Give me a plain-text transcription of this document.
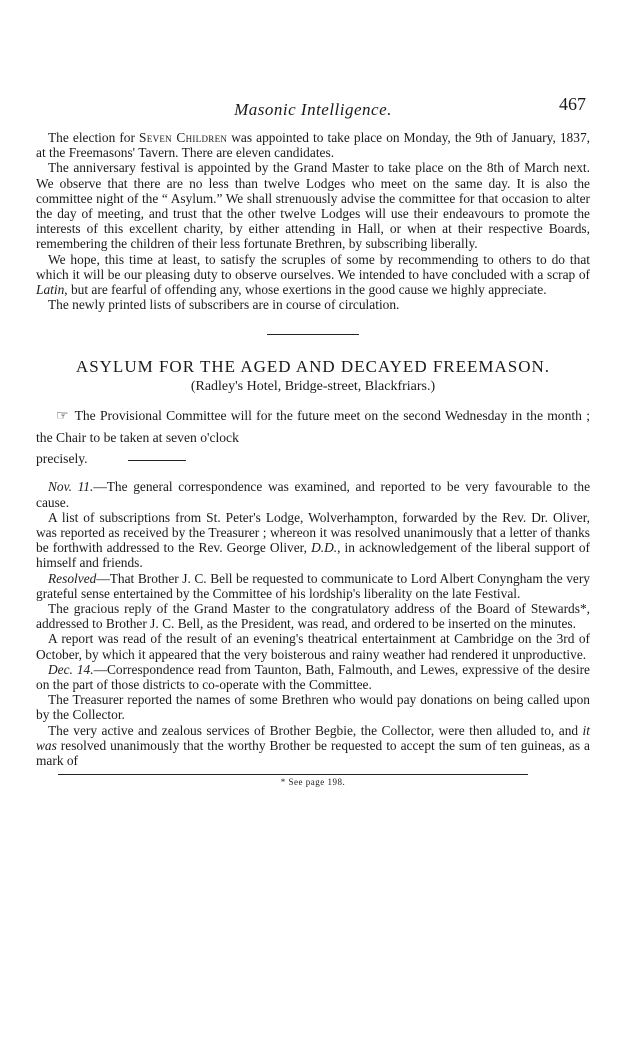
Masonic Intelligence.	467

The election for Seven Children was appointed to take place on Monday, the 9th of January, 1837, at the Freemasons' Tavern. There are eleven candidates.

The anniversary festival is appointed by the Grand Master to take place on the 8th of March next. We observe that there are no less than twelve Lodges who meet on the same day. It is also the committee night of the “ Asylum.” We shall strenuously advise the committee for that occasion to alter the day of meeting, and trust that the other twelve Lodges will use their endeavours to promote the interests of this excellent charity, by either attending in Hall, or when at their respective Boards, remembering the children of their less fortunate Brethren, by subscribing liberally.

We hope, this time at least, to satisfy the scruples of some by recommending to others to do that which it will be our pleasing duty to observe ourselves. We intended to have concluded with a scrap of Latin, but are fearful of offending any, whose exertions in the good cause we highly appreciate.

The newly printed lists of subscribers are in course of circulation.

ASYLUM FOR THE AGED AND DECAYED FREEMASON.
(Radley's Hotel, Bridge-street, Blackfriars.)

☞ The Provisional Committee will for the future meet on the second Wednesday in the month ; the Chair to be taken at seven o'clock

precisely.

Nov. 11.—The general correspondence was examined, and reported to be very favourable to the cause.

A list of subscriptions from St. Peter's Lodge, Wolverhampton, forwarded by the Rev. Dr. Oliver, was reported as received by the Treasurer ; whereon it was resolved unanimously that a letter of thanks be forthwith addressed to the Rev. George Oliver, D.D., in acknowledgement of the liberal support of himself and friends.

Resolved—That Brother J. C. Bell be requested to communicate to Lord Albert Conyngham the very grateful sense entertained by the Committee of his lordship's liberality on the late Festival.

The gracious reply of the Grand Master to the congratulatory address of the Board of Stewards*, addressed to Brother J. C. Bell, as the President, was read, and ordered to be inserted on the minutes.

A report was read of the result of an evening's theatrical entertainment at Cambridge on the 3rd of October, by which it appeared that the very boisterous and rainy weather had rendered it unproductive.

Dec. 14.—Correspondence read from Taunton, Bath, Falmouth, and Lewes, expressive of the desire on the part of those districts to co-operate with the Committee.

The Treasurer reported the names of some Brethren who would pay donations on being called upon by the Collector.

The very active and zealous services of Brother Begbie, the Collector, were then alluded to, and it was resolved unanimously that the worthy Brother be requested to accept the sum of ten guineas, as a mark of

* See page 198.
